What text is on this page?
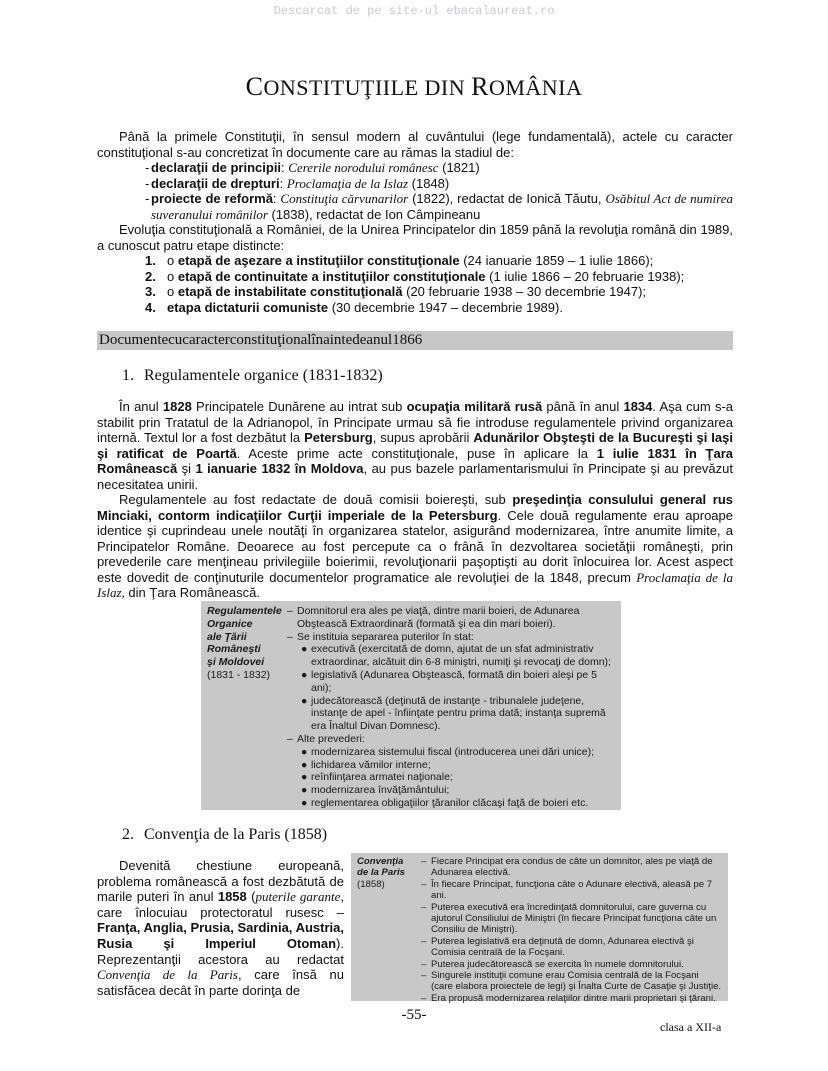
Descarcat de pe site-ul ebacalaureat.ro
CONSTITUŢIILE DIN ROMÂNIA
Până la primele Constituţii, în sensul modern al cuvântului (lege fundamentală), actele cu caracter constituţional s-au concretizat în documente care au rămas la stadiul de:
- declaraţii de principii: Cererile norodului românesc (1821)
- declaraţii de drepturi: Proclamaţia de la Islaz (1848)
- proiecte de reformă: Constituţia cărvunarilor (1822), redactat de Ionică Tăutu, Osăbitul Act de numirea suveranului românilor (1838), redactat de Ion Câmpineanu
Evoluţia constituţională a României, de la Unirea Principatelor din 1859 până la revoluţia română din 1989, a cunoscut patru etape distincte:
1. o etapă de aşezare a instituţiilor constituţionale (24 ianuarie 1859 – 1 iulie 1866);
2. o etapă de continuitate a instituţiilor constituţionale (1 iulie 1866 – 20 februarie 1938);
3. o etapă de instabilitate constituţională (20 februarie 1938 – 30 decembrie 1947);
4. etapa dictaturii comuniste (30 decembrie 1947 – decembrie 1989).
Documentecucaracterconstituţionalînaintedeanul1866
1. Regulamentele organice (1831-1832)
În anul 1828 Principatele Dunărene au intrat sub ocupaţia militară rusă până în anul 1834. Aşa cum s-a stabilit prin Tratatul de la Adrianopol, în Principate urmau să fie introduse regulamentele privind organizarea internă. Textul lor a fost dezbătut la Petersburg, supus aprobării Adunărilor Obşteşti de la Bucureşti şi Iaşi şi ratificat de Poartă. Aceste prime acte constituţionale, puse în aplicare la 1 iulie 1831 în Ţara Românească şi 1 ianuarie 1832 în Moldova, au pus bazele parlamentarismului în Principate şi au prevăzut necesitatea unirii.
Regulamentele au fost redactate de două comisii boiereşti, sub preşedinţia consulului general rus Minciaki, contorm indicaţiilor Curţii imperiale de la Petersburg. Cele două regulamente erau aproape identice şi cuprindeau unele noutăţi în organizarea statelor, asigurând modernizarea, între anumite limite, a Principatelor Române. Deoarece au fost percepute ca o frână în dezvoltarea societăţii româneşti, prin prevederile care menţineau privilegiile boierimii, revoluţionarii paşoptişti au dorit înlocuirea lor. Acest aspect este dovedit de conţinuturile documentelor programatice ale revoluţiei de la 1848, precum Proclamaţia de la Islaz, din Ţara Românească.
Regulamentele
Organice
ale Ţării
Româneşti
şi Moldovei
(1831 - 1832)
– Domnitorul era ales pe viaţă, dintre marii boieri, de Adunarea Obştească Extraordinară (formată şi ea din mari boieri).
– Se instituia separarea puterilor în stat:
● executivă (exercitată de domn, ajutat de un sfat administrativ extraordinar, alcătuit din 6-8 miniştri, numiţi şi revocaţi de domn);
● legislativă (Adunarea Obştească, formată din boieri aleşi pe 5 ani);
● judecătorească (deţinută de instanţe - tribunalele judeţene, instanţe de apel - înfiinţate pentru prima dată; instanţa supremă era Înaltul Divan Domnesc).
– Alte prevederi:
● modernizarea sistemului fiscal (introducerea unei dări unice);
● lichidarea vămilor interne;
● reînfiinţarea armatei naţionale;
● modernizarea învăţământului;
● reglementarea obligaţiilor ţăranilor clăcaşi faţă de boieri etc.
2. Convenţia de la Paris (1858)
Devenită chestiune europeană, problema românească a fost dezbătută de marile puteri în anul 1858 (puterile garante, care înlocuiau protectoratul rusesc –Franţa, Anglia, Prusia, Sardinia, Austria, Rusia şi Imperiul Otoman). Reprezentanţii acestora au redactat Convenţia de la Paris, care însă nu satisfăcea decât în parte dorinţa de
Convenţia
de la Paris
(1858)
– Fiecare Principat era condus de câte un domnitor, ales pe viaţă de Adunarea electivă.
– În fiecare Principat, funcţiona câte o Adunare electivă, aleasă pe 7 ani.
– Puterea executivă era încredinţată domnitorului, care guverna cu ajutorul Consiliului de Miniştri (în fiecare Principat funcţiona câte un Consiliu de Miniştri).
– Puterea legislativă era deţinută de domn, Adunarea electivă şi Comisia centrală de la Focşani.
– Puterea judecătorească se exercita în numele domnitorului.
– Singurele instituţii comune erau Comisia centrală de la Focşani (care elabora proiectele de legi) şi Înalta Curte de Casaţie şi Justiţie.
– Era propusă modernizarea relaţiilor dintre marii proprietari şi ţărani.
-55-
clasa a XII-a
